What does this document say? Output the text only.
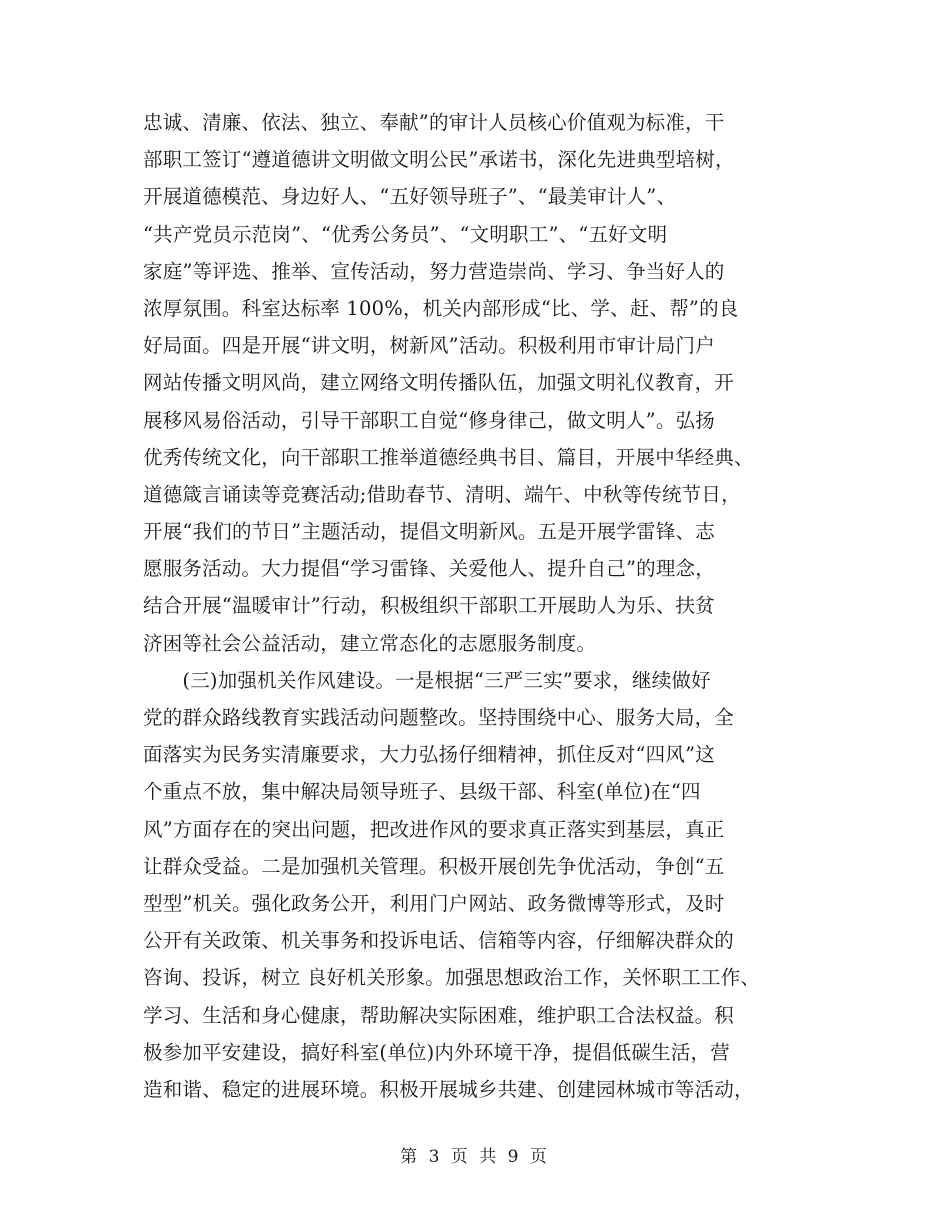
忠诚、清廉、依法、独立、奉献”的审计人员核心价值观为标准，干
部职工签订“遵道德讲文明做文明公民”承诺书，深化先进典型培树，
开展道德模范、身边好人、“五好领导班子”、“最美审计人”、
“共产党员示范岗”、“优秀公务员”、“文明职工”、“五好文明
家庭”等评选、推举、宣传活动，努力营造崇尚、学习、争当好人的
浓厚氛围。科室达标率 100%，机关内部形成“比、学、赶、帮”的良
好局面。四是开展“讲文明，树新风”活动。积极利用市审计局门户
网站传播文明风尚，建立网络文明传播队伍，加强文明礼仪教育，开
展移风易俗活动，引导干部职工自觉“修身律己，做文明人”。弘扬
优秀传统文化，向干部职工推举道德经典书目、篇目，开展中华经典、
道德箴言诵读等竞赛活动;借助春节、清明、端午、中秋等传统节日，
开展“我们的节日”主题活动，提倡文明新风。五是开展学雷锋、志
愿服务活动。大力提倡“学习雷锋、关爱他人、提升自己”的理念，
结合开展“温暖审计”行动，积极组织干部职工开展助人为乐、扶贫
济困等社会公益活动，建立常态化的志愿服务制度。
　　(三)加强机关作风建设。一是根据“三严三实”要求，继续做好
党的群众路线教育实践活动问题整改。坚持围绕中心、服务大局，全
面落实为民务实清廉要求，大力弘扬仔细精神，抓住反对“四风”这
个重点不放，集中解决局领导班子、县级干部、科室(单位)在“四
风”方面存在的突出问题，把改进作风的要求真正落实到基层，真正
让群众受益。二是加强机关管理。积极开展创先争优活动，争创“五
型型”机关。强化政务公开，利用门户网站、政务微博等形式，及时
公开有关政策、机关事务和投诉电话、信箱等内容，仔细解决群众的
咨询、投诉，树立 良好机关形象。加强思想政治工作，关怀职工工作、
学习、生活和身心健康，帮助解决实际困难，维护职工合法权益。积
极参加平安建设，搞好科室(单位)内外环境干净，提倡低碳生活，营
造和谐、稳定的进展环境。积极开展城乡共建、创建园林城市等活动，
第 3 页 共 9 页
